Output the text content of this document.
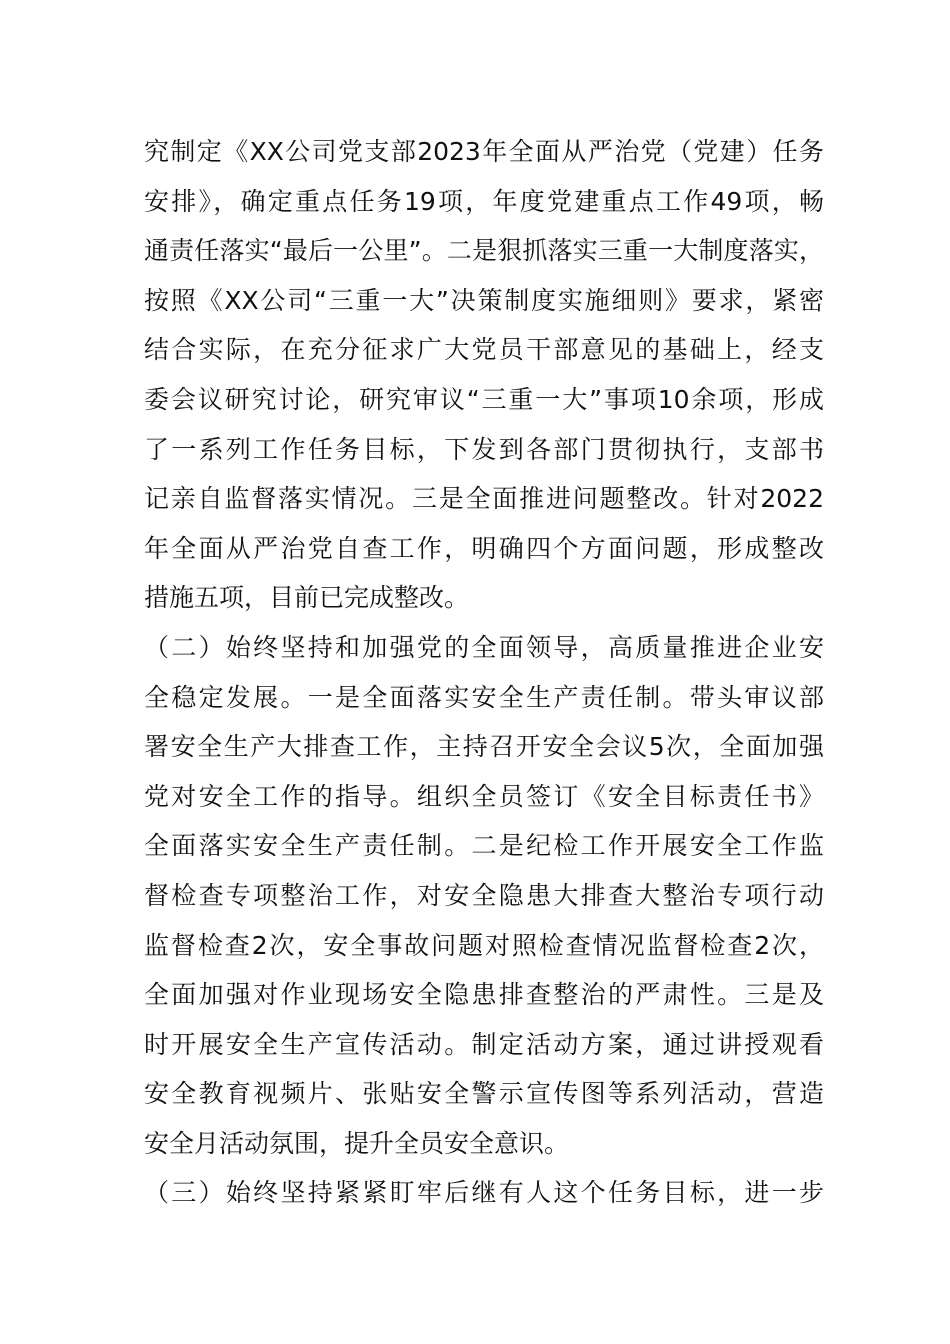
究制定《XX公司党支部2023年全面从严治党（党建）任务
安排》，确定重点任务19项，年度党建重点工作49项，畅
通责任落实“最后一公里”。二是狠抓落实三重一大制度落实，
按照《XX公司“三重一大”决策制度实施细则》要求，紧密
结合实际，在充分征求广大党员干部意见的基础上，经支
委会议研究讨论，研究审议“三重一大”事项10余项，形成
了一系列工作任务目标，下发到各部门贯彻执行，支部书
记亲自监督落实情况。三是全面推进问题整改。针对2022
年全面从严治党自查工作，明确四个方面问题，形成整改
措施五项，目前已完成整改。
（二）始终坚持和加强党的全面领导，高质量推进企业安
全稳定发展。一是全面落实安全生产责任制。带头审议部
署安全生产大排查工作，主持召开安全会议5次，全面加强
党对安全工作的指导。组织全员签订《安全目标责任书》
全面落实安全生产责任制。二是纪检工作开展安全工作监
督检查专项整治工作，对安全隐患大排查大整治专项行动
监督检查2次，安全事故问题对照检查情况监督检查2次，
全面加强对作业现场安全隐患排查整治的严肃性。三是及
时开展安全生产宣传活动。制定活动方案，通过讲授观看
安全教育视频片、张贴安全警示宣传图等系列活动，营造
安全月活动氛围，提升全员安全意识。
（三）始终坚持紧紧盯牢后继有人这个任务目标，进一步
